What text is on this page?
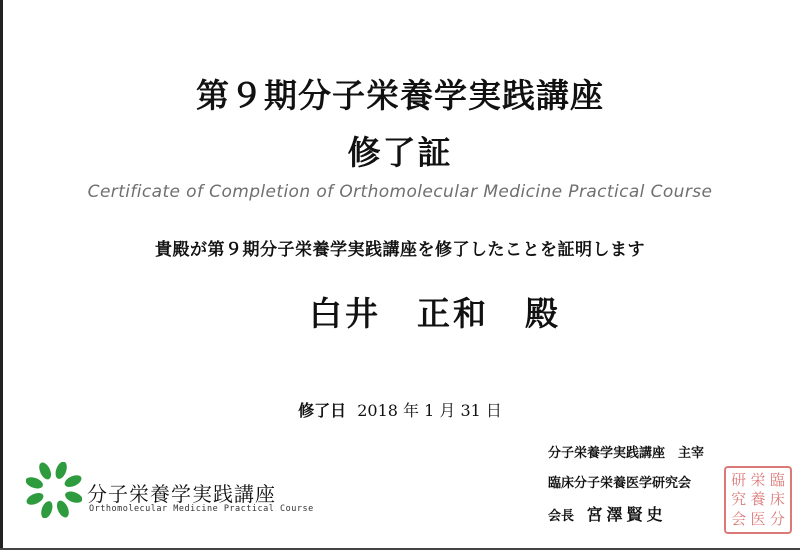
第９期分子栄養学実践講座
修了証
Certificate of Completion of Orthomolecular Medicine Practical Course
貴殿が第９期分子栄養学実践講座を修了したことを証明します
白井　正和　殿
修了日 2018 年 1 月 31 日
分子栄養学実践講座　主宰
臨床分子栄養医学研究会
会長 宮澤賢史
研 栄 臨
究 養 床
会 医 分
分子栄養学実践講座
Orthomolecular Medicine Practical Course
